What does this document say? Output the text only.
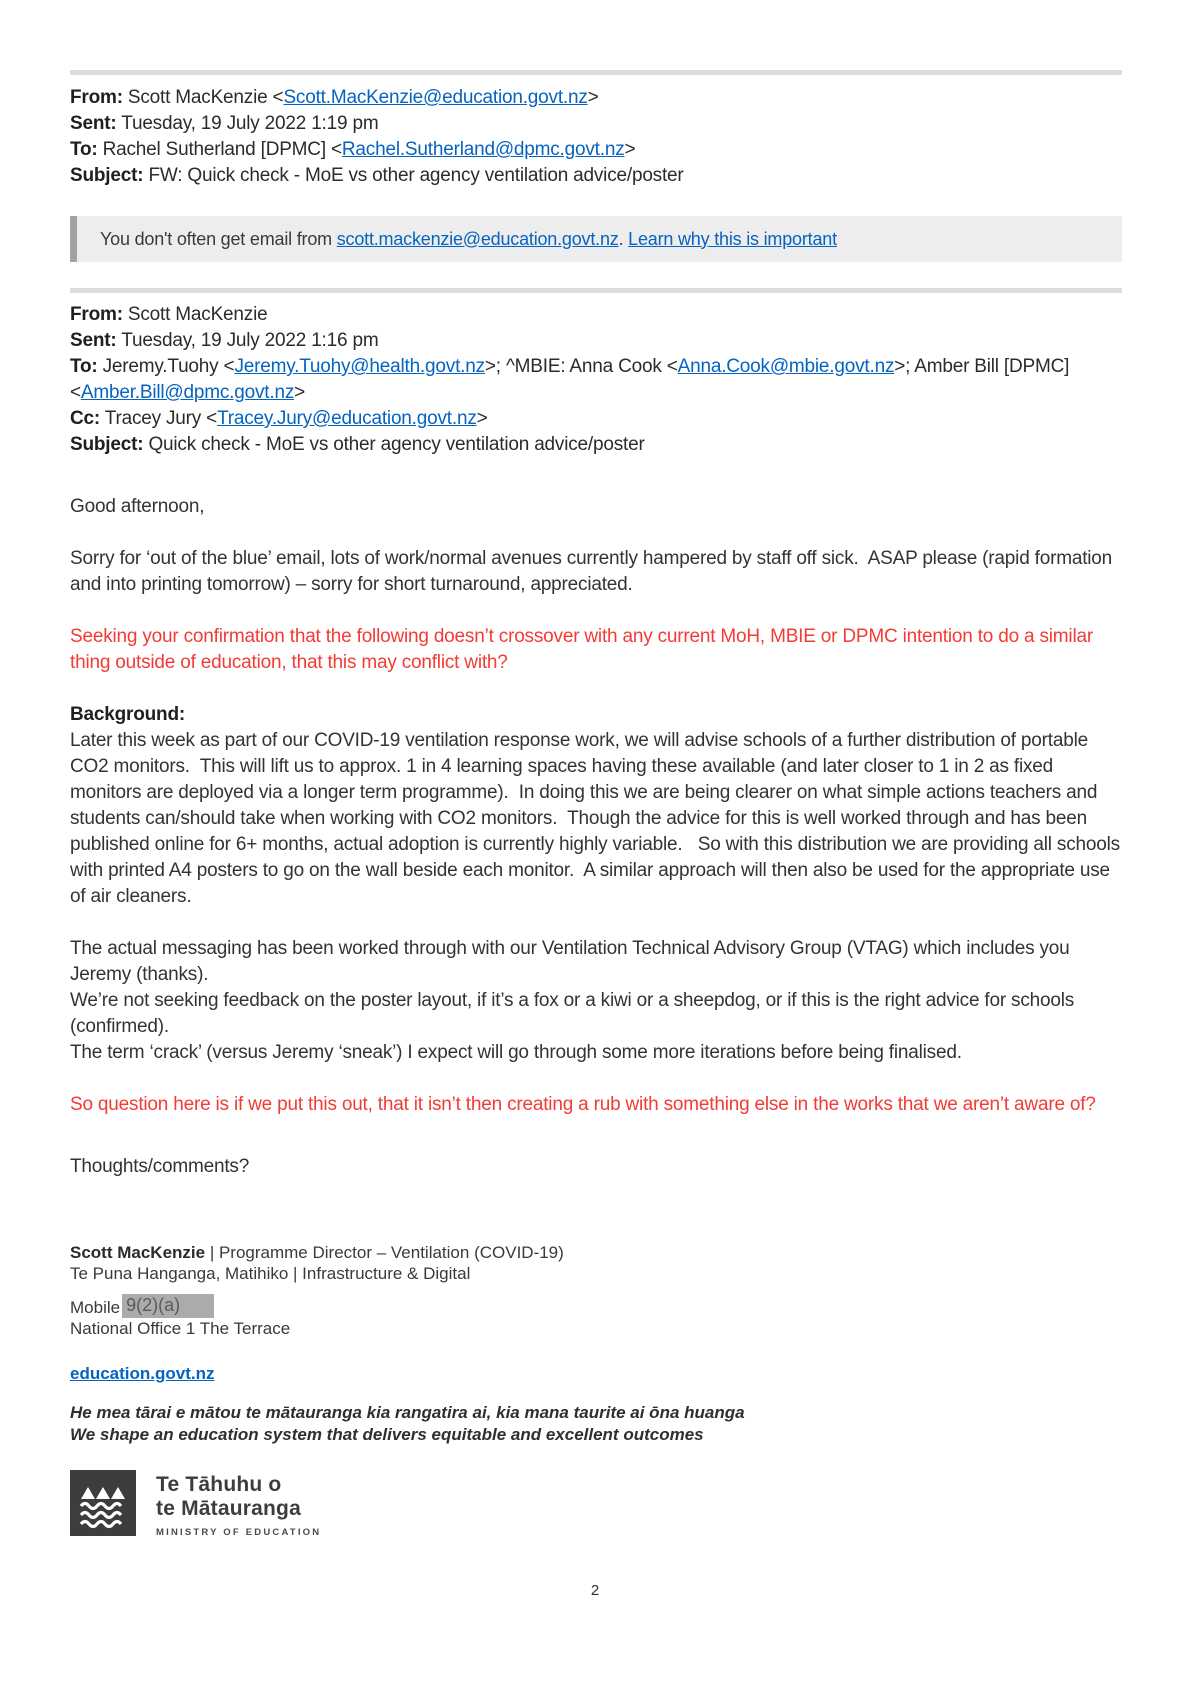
From: Scott MacKenzie <Scott.MacKenzie@education.govt.nz>
Sent: Tuesday, 19 July 2022 1:19 pm
To: Rachel Sutherland [DPMC] <Rachel.Sutherland@dpmc.govt.nz>
Subject: FW: Quick check - MoE vs other agency ventilation advice/poster
You don't often get email from scott.mackenzie@education.govt.nz. Learn why this is important
From: Scott MacKenzie
Sent: Tuesday, 19 July 2022 1:16 pm
To: Jeremy.Tuohy <Jeremy.Tuohy@health.govt.nz>; ^MBIE: Anna Cook <Anna.Cook@mbie.govt.nz>; Amber Bill [DPMC] <Amber.Bill@dpmc.govt.nz>
Cc: Tracey Jury <Tracey.Jury@education.govt.nz>
Subject: Quick check - MoE vs other agency ventilation advice/poster

Good afternoon,

Sorry for ‘out of the blue’ email, lots of work/normal avenues currently hampered by staff off sick.  ASAP please (rapid formation and into printing tomorrow) – sorry for short turnaround, appreciated.

Seeking your confirmation that the following doesn’t crossover with any current MoH, MBIE or DPMC intention to do a similar thing outside of education, that this may conflict with?

Background:

Later this week as part of our COVID-19 ventilation response work, we will advise schools of a further distribution of portable CO2 monitors.  This will lift us to approx. 1 in 4 learning spaces having these available (and later closer to 1 in 2 as fixed monitors are deployed via a longer term programme).  In doing this we are being clearer on what simple actions teachers and students can/should take when working with CO2 monitors.  Though the advice for this is well worked through and has been published online for 6+ months, actual adoption is currently highly variable.   So with this distribution we are providing all schools with printed A4 posters to go on the wall beside each monitor.  A similar approach will then also be used for the appropriate use of air cleaners.

The actual messaging has been worked through with our Ventilation Technical Advisory Group (VTAG) which includes you Jeremy (thanks).
We’re not seeking feedback on the poster layout, if it’s a fox or a kiwi or a sheepdog, or if this is the right advice for schools (confirmed).
The term ‘crack’ (versus Jeremy ‘sneak’) I expect will go through some more iterations before being finalised.

So question here is if we put this out, that it isn’t then creating a rub with something else in the works that we aren’t aware of?

Thoughts/comments?

Scott MacKenzie | Programme Director – Ventilation (COVID-19)
Te Puna Hanganga, Matihiko | Infrastructure & Digital
Mobile 9(2)(a)
National Office 1 The Terrace
education.govt.nz
He mea tārai e mātou te mātauranga kia rangatira ai, kia mana taurite ai ōna huanga
We shape an education system that delivers equitable and excellent outcomes
Te Tāhuhu o
te Mātauranga
MINISTRY OF EDUCATION
2
